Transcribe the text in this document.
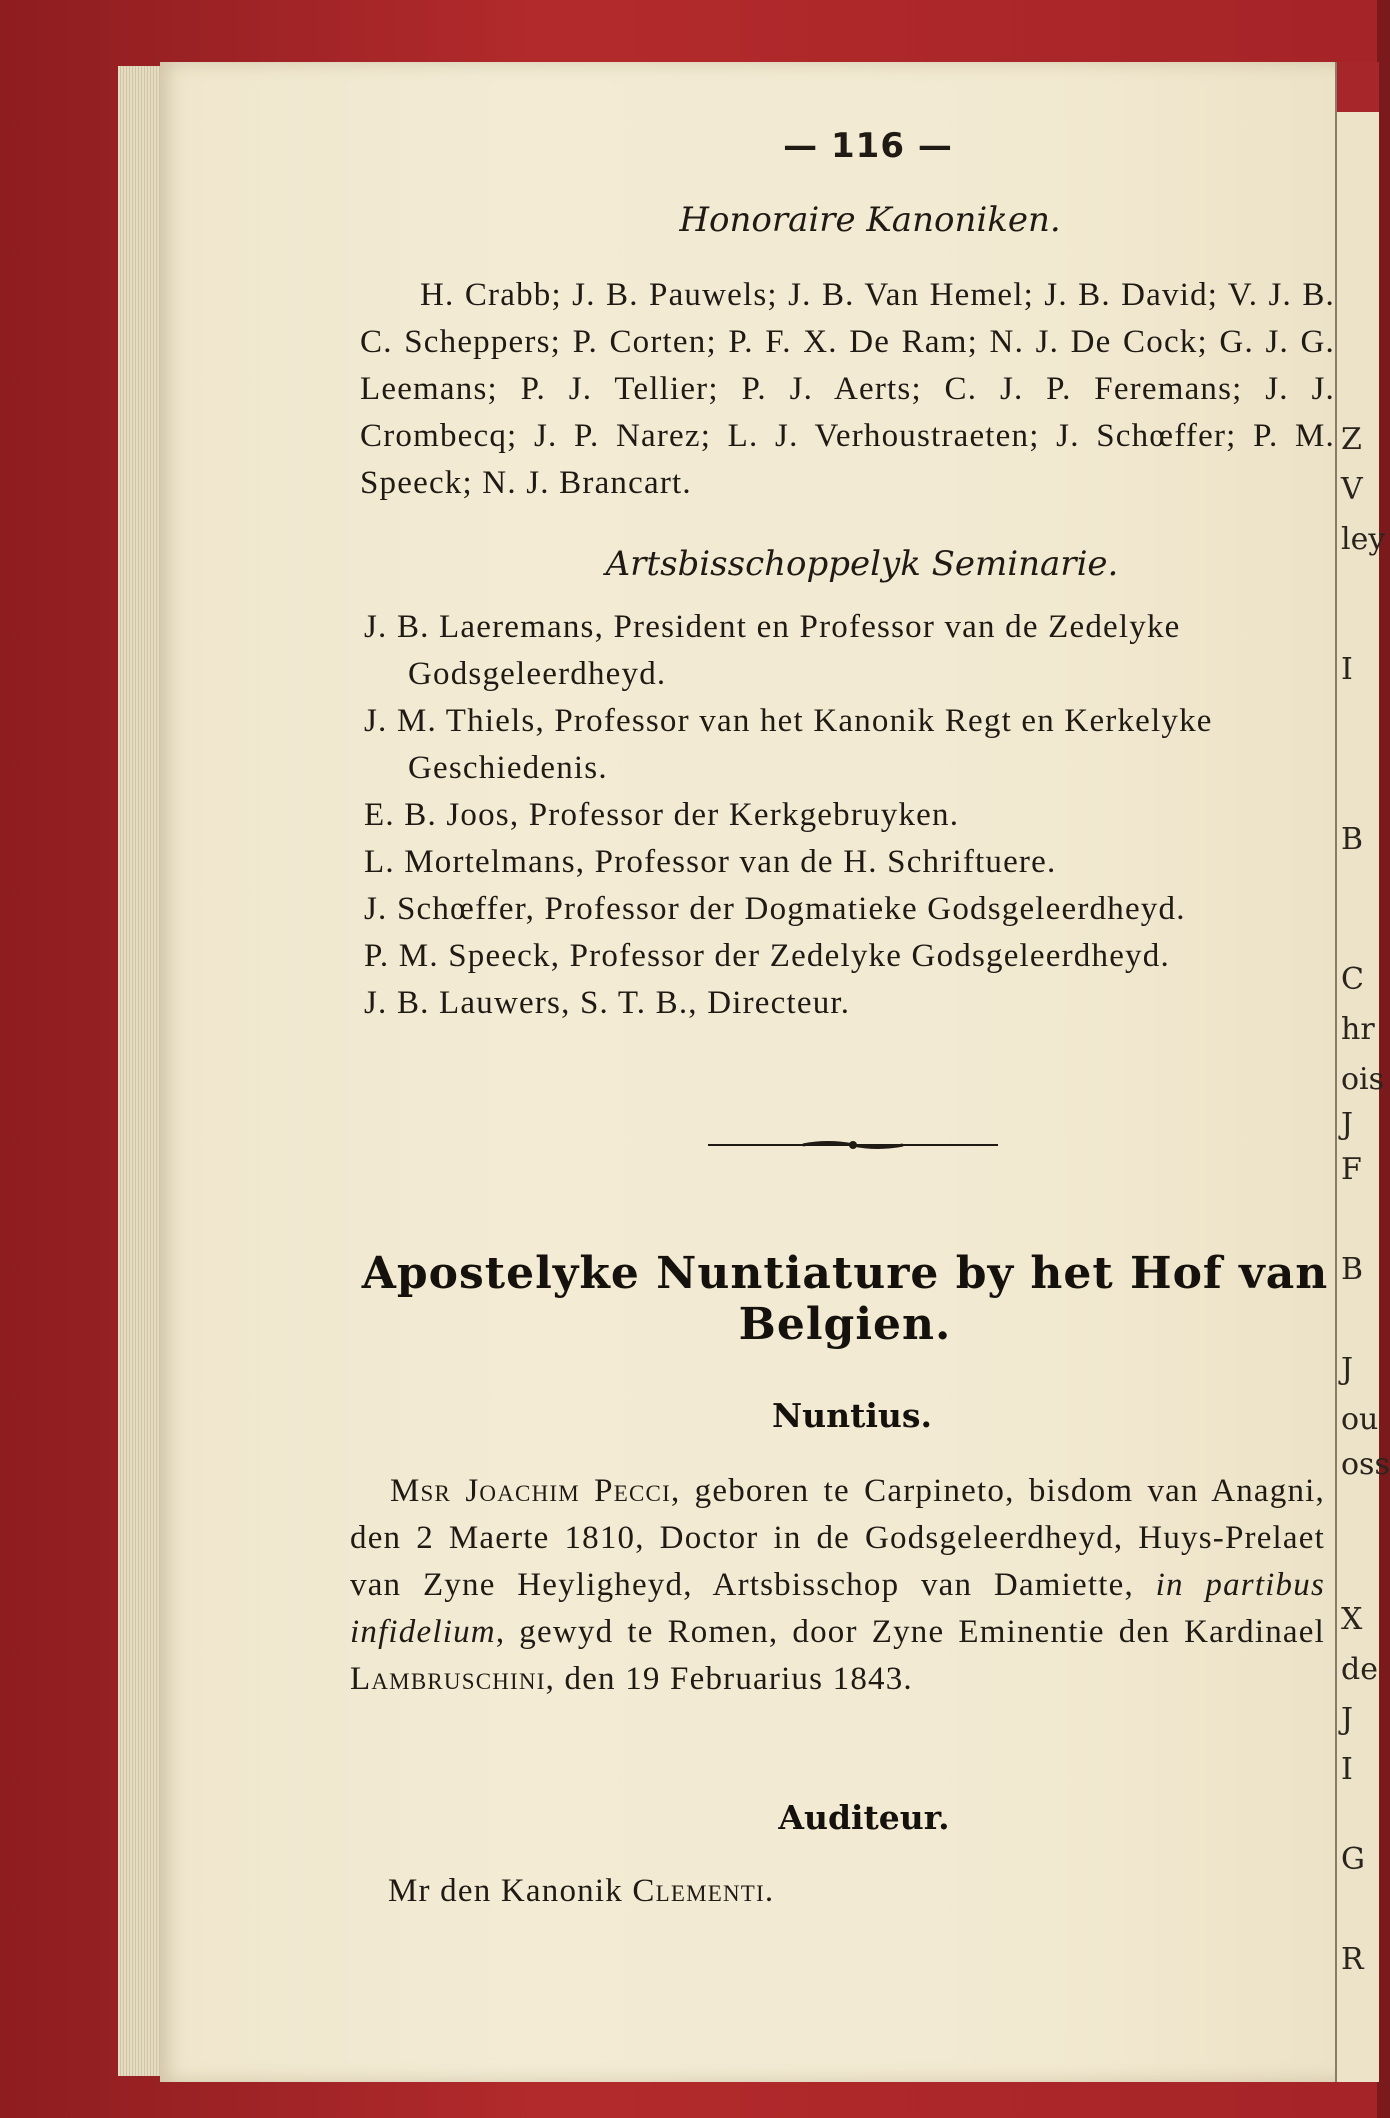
Z
V
ley
I
B
C
hr
ois
J
F
B
J
ou
oss
X
de
J
I
G
R
— 116 —
Honoraire Kanoniken.
H. Crabb; J. B. Pauwels; J. B. Van Hemel; J. B. David; V. J. B. C. Scheppers; P. Corten; P. F. X. De Ram; N. J. De Cock; G. J. G. Leemans; P. J. Tellier; P. J. Aerts; C. J. P. Feremans; J. J. Crombecq; J. P. Narez; L. J. Verhoustraeten; J. Schœffer; P. M. Speeck; N. J. Brancart.
Artsbisschoppelyk Seminarie.

J. B. Laeremans, President en Professor van de Zedelyke Godsgeleerdheyd.

J. M. Thiels, Professor van het Kanonik Regt en Kerkelyke Geschiedenis.

E. B. Joos, Professor der Kerkgebruyken.

L. Mortelmans, Professor van de H. Schriftuere.

J. Schœffer, Professor der Dogmatieke Godsgeleerdheyd.

P. M. Speeck, Professor der Zedelyke Godsgeleerdheyd.

J. B. Lauwers, S. T. B., Directeur.

Apostelyke Nuntiature by het Hof van Belgien.
Nuntius.
Msr Joachim Pecci, geboren te Carpineto, bisdom van Anagni, den 2 Maerte 1810, Doctor in de Godsgeleerdheyd, Huys-Prelaet van Zyne Heyligheyd, Artsbisschop van Damiette, in partibus infidelium, gewyd te Romen, door Zyne Eminentie den Kardinael Lambruschini, den 19 Februarius 1843.
Auditeur.
Mr den Kanonik Clementi.
